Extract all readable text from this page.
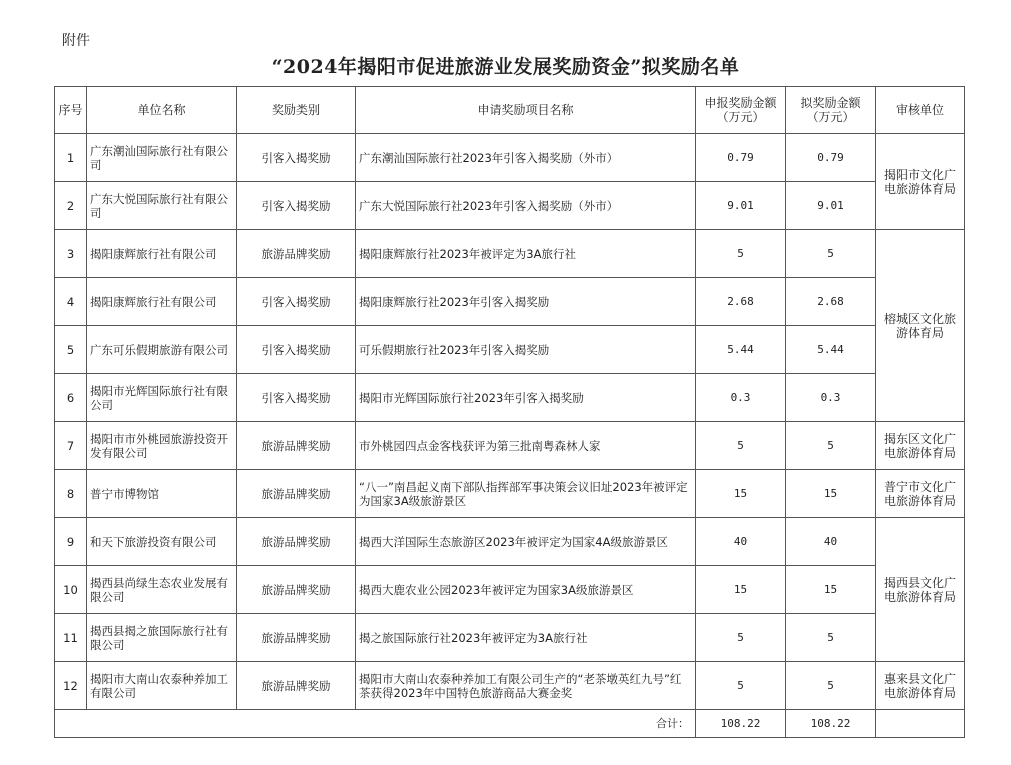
附件
“2024年揭阳市促进旅游业发展奖励资金”拟奖励名单
序号	单位名称	奖励类别	申请奖励项目名称	申报奖励金额（万元）	拟奖励金额（万元）	审核单位
1	广东潮汕国际旅行社有限公司	引客入揭奖励	广东潮汕国际旅行社2023年引客入揭奖励（外市）	0.79	0.79	揭阳市文化广电旅游体育局
2	广东大悦国际旅行社有限公司	引客入揭奖励	广东大悦国际旅行社2023年引客入揭奖励（外市）	9.01	9.01	
3	揭阳康辉旅行社有限公司	旅游品牌奖励	揭阳康辉旅行社2023年被评定为3A旅行社	5	5	榕城区文化旅游体育局
4	揭阳康辉旅行社有限公司	引客入揭奖励	揭阳康辉旅行社2023年引客入揭奖励	2.68	2.68	
5	广东可乐假期旅游有限公司	引客入揭奖励	可乐假期旅行社2023年引客入揭奖励	5.44	5.44	
6	揭阳市光辉国际旅行社有限公司	引客入揭奖励	揭阳市光辉国际旅行社2023年引客入揭奖励	0.3	0.3	
7	揭阳市市外桃园旅游投资开发有限公司	旅游品牌奖励	市外桃园四点金客栈获评为第三批南粤森林人家	5	5	揭东区文化广电旅游体育局
8	普宁市博物馆	旅游品牌奖励	“八一”南昌起义南下部队指挥部军事决策会议旧址2023年被评定为国家3A级旅游景区	15	15	普宁市文化广电旅游体育局
9	和天下旅游投资有限公司	旅游品牌奖励	揭西大洋国际生态旅游区2023年被评定为国家4A级旅游景区	40	40	揭西县文化广电旅游体育局
10	揭西县尚绿生态农业发展有限公司	旅游品牌奖励	揭西大鹿农业公园2023年被评定为国家3A级旅游景区	15	15	
11	揭西县揭之旅国际旅行社有限公司	旅游品牌奖励	揭之旅国际旅行社2023年被评定为3A旅行社	5	5	
12	揭阳市大南山农泰种养加工有限公司	旅游品牌奖励	揭阳市大南山农泰种养加工有限公司生产的“老茶墩英红九号”红茶获得2023年中国特色旅游商品大赛金奖	5	5	惠来县文化广电旅游体育局
合计：				108.22	108.22	
